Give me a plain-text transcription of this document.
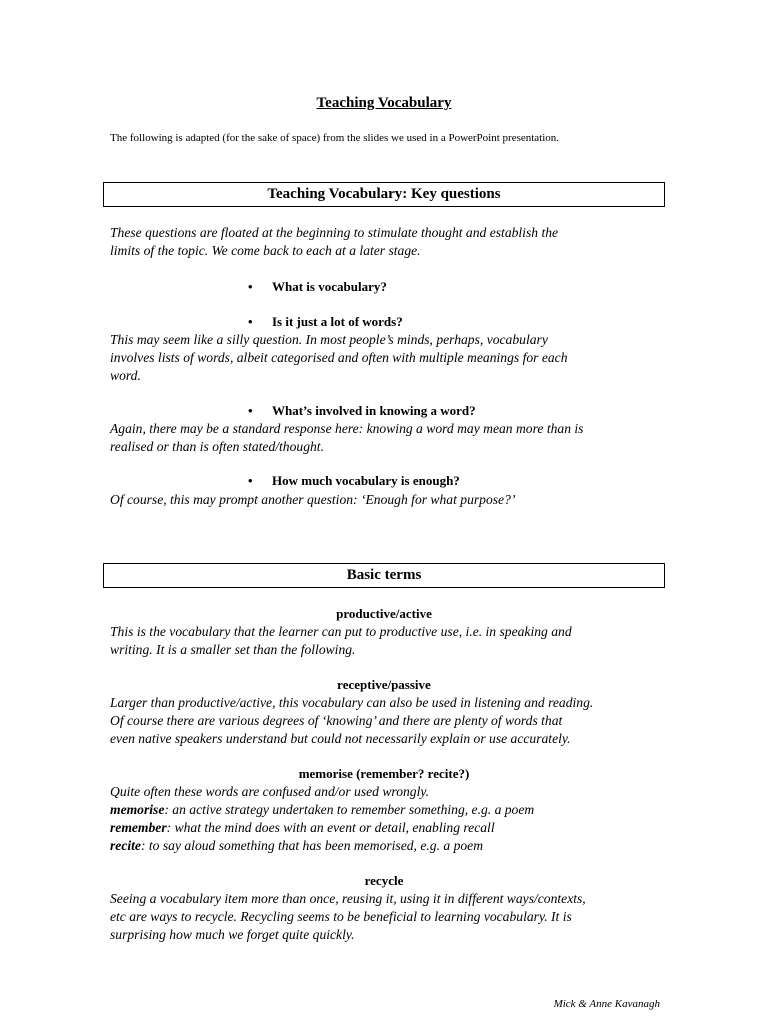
Teaching Vocabulary
The following is adapted (for the sake of space) from the slides we used in a PowerPoint presentation.
Teaching Vocabulary: Key questions
These questions are floated at the beginning to stimulate thought and establish the
limits of the topic. We come back to each at a later stage.
• What is vocabulary?
• Is it just a lot of words?
This may seem like a silly question. In most people’s minds, perhaps, vocabulary
involves lists of words, albeit categorised and often with multiple meanings for each
word.
• What’s involved in knowing a word?
Again, there may be a standard response here: knowing a word may mean more than is
realised or than is often stated/thought.
• How much vocabulary is enough?
Of course, this may prompt another question: ‘Enough for what purpose?’
Basic terms
productive/active
This is the vocabulary that the learner can put to productive use, i.e. in speaking and
writing. It is a smaller set than the following.
receptive/passive
Larger than productive/active, this vocabulary can also be used in listening and reading.
Of course there are various degrees of ‘knowing’ and there are plenty of words that
even native speakers understand but could not necessarily explain or use accurately.
memorise (remember? recite?)
Quite often these words are confused and/or used wrongly.
memorise: an active strategy undertaken to remember something, e.g. a poem
remember: what the mind does with an event or detail, enabling recall
recite: to say aloud something that has been memorised, e.g. a poem
recycle
Seeing a vocabulary item more than once, reusing it, using it in different ways/contexts,
etc are ways to recycle. Recycling seems to be beneficial to learning vocabulary. It is
surprising how much we forget quite quickly.
Mick & Anne Kavanagh
